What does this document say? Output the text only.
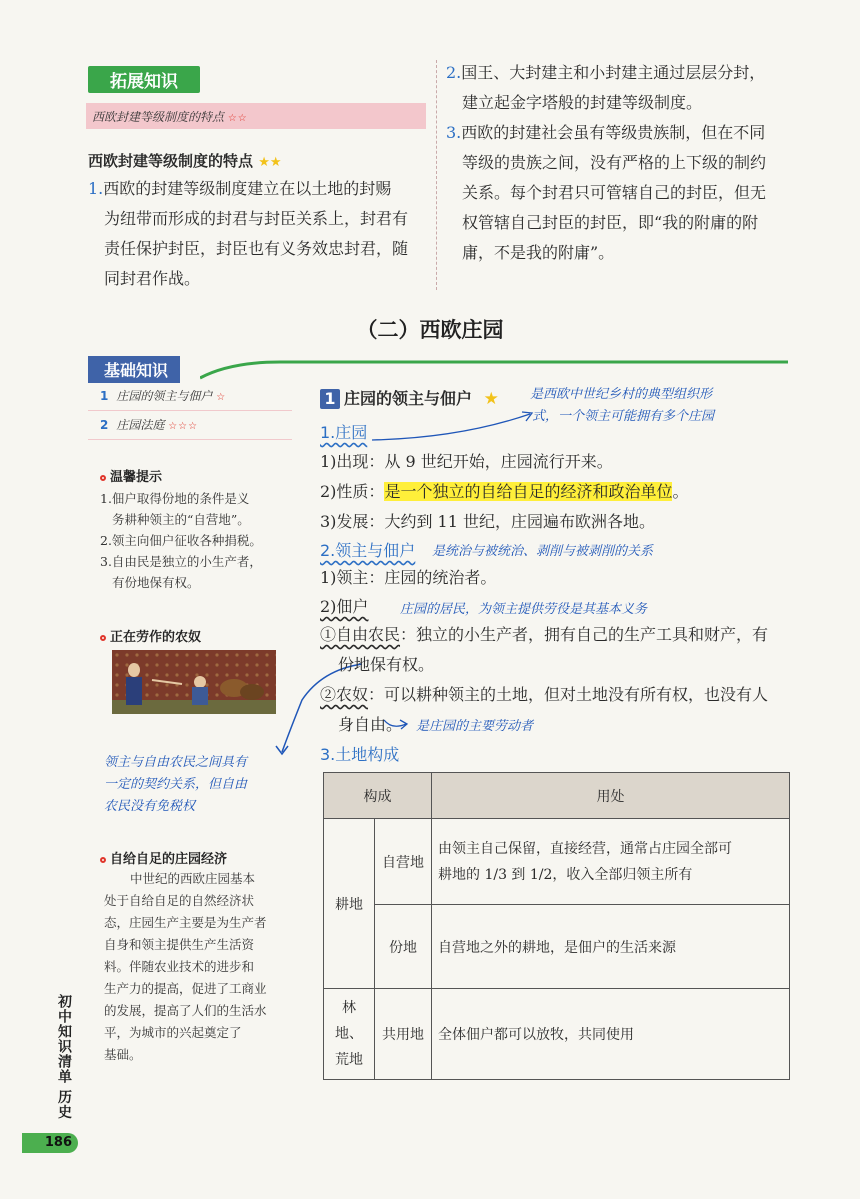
拓展知识
西欧封建等级制度的特点 ☆☆
西欧封建等级制度的特点 ★★
1.西欧的封建等级制度建立在以土地的封赐
为纽带而形成的封君与封臣关系上，封君有
责任保护封臣，封臣也有义务效忠封君，随
同封君作战。
2.国王、大封建主和小封建主通过层层分封，
建立起金字塔般的封建等级制度。
3.西欧的封建社会虽有等级贵族制，但在不同
等级的贵族之间，没有严格的上下级的制约
关系。每个封君只可管辖自己的封臣，但无
权管辖自己封臣的封臣，即“我的附庸的附
庸，不是我的附庸”。
（二）西欧庄园
基础知识
1 庄园的领主与佃户 ☆
2 庄园法庭 ☆☆☆
温馨提示
1.佃户取得份地的条件是义
务耕种领主的“自营地”。
2.领主向佃户征收各种捐税。
3.自由民是独立的小生产者，
有份地保有权。
正在劳作的农奴
领主与自由农民之间具有
一定的契约关系，但自由
农民没有免税权
自给自足的庄园经济
中世纪的西欧庄园基本
处于自给自足的自然经济状
态，庄园生产主要是为生产者
自身和领主提供生产生活资
料。伴随农业技术的进步和
生产力的提高，促进了工商业
的发展，提高了人们的生活水
平，为城市的兴起奠定了
基础。
初中知识清单 历史
186
1 庄园的领主与佃户 ★ 是西欧中世纪乡村的典型组织形
式，一个领主可能拥有多个庄园
1.庄园
1)出现：从 9 世纪开始，庄园流行开来。
2)性质：是一个独立的自给自足的经济和政治单位。
3)发展：大约到 11 世纪，庄园遍布欧洲各地。
2.领主与佃户 是统治与被统治、剥削与被剥削的关系
1)领主：庄园的统治者。
2)佃户 庄园的居民，为领主提供劳役是其基本义务
①自由农民：独立的小生产者，拥有自己的生产工具和财产，有
份地保有权。
②农奴：可以耕种领主的土地，但对土地没有所有权，也没有人
身自由。 是庄园的主要劳动者
3.土地构成
构成		用处
耕地	自营地	由领主自己保留，直接经营，通常占庄园全部可
耕地的 1/3 到 1/2，收入全部归领主所有

	份地	自营地之外的耕地，是佃户的生活来源

林地、
荒地	共用地	全体佃户都可以放牧，共同使用
